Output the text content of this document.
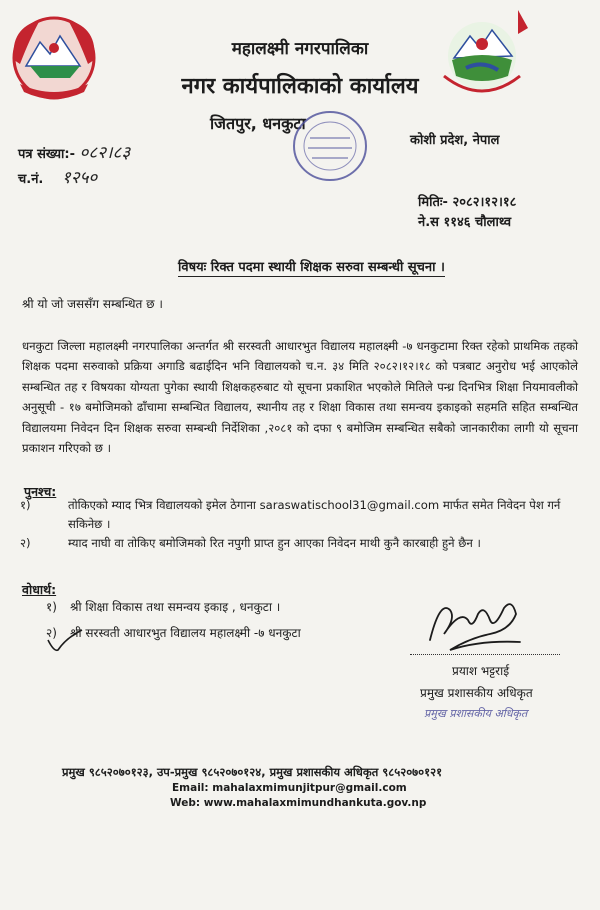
महालक्ष्मी नगरपालिका
नगर कार्यपालिकाको कार्यालय
जितपुर, धनकुटा
कोशी प्रदेश, नेपाल
पत्र संख्या:- ०८२।८३
च.नं. १२५०
मितिः- २०८२।१२।१८
ने.स ११४६ चौलाथ्व
विषयः रिक्त पदमा स्थायी शिक्षक सरुवा सम्बन्धी सूचना ।
श्री यो जो जससँग सम्बन्धित छ ।
धनकुटा जिल्ला महालक्ष्मी नगरपालिका अन्तर्गत श्री सरस्वती आधारभुत विद्यालय महालक्ष्मी -७ धनकुटामा रिक्त रहेको प्राथमिक तहको शिक्षक पदमा सरुवाको प्रक्रिया अगाडि बढाईदिन भनि विद्यालयको च.न. ३४ मिति २०८२।१२।१८ को पत्रबाट अनुरोध भई आएकोले सम्बन्धित तह र विषयका योग्यता पुगेका स्थायी शिक्षकहरुबाट यो सूचना प्रकाशित भएकोले मितिले पन्ध्र दिनभित्र शिक्षा नियमावलीको अनुसूची - १७ बमोजिमको ढाँचामा सम्बन्धित विद्यालय, स्थानीय तह र शिक्षा विकास तथा समन्वय इकाइको सहमति सहित सम्बन्धित विद्यालयमा निवेदन दिन शिक्षक सरुवा सम्बन्धी निर्देशिका ,२०८१ को दफा ९ बमोजिम सम्बन्धित सबैको जानकारीका लागी यो सूचना प्रकाशन गरिएको छ ।
पुनश्च:
१)	तोकिएको म्याद भित्र विद्यालयको इमेल ठेगाना saraswatischool31@gmail.com मार्फत समेत निवेदन पेश गर्न सकिनेछ ।
२)	म्याद नाघी वा तोकिए बमोजिमको रित नपुगी प्राप्त हुन आएका निवेदन माथी कुनै कारबाही हुने छैन ।
वोधार्थ:
१) श्री शिक्षा विकास तथा समन्वय इकाइ , धनकुटा ।
२) श्री सरस्वती आधारभुत विद्यालय महालक्ष्मी -७ धनकुटा
प्रयाश भट्टराई
प्रमुख प्रशासकीय अधिकृत
प्रमुख प्रशासकीय अधिकृत
प्रमुख ९८५२०७०१२३, उप-प्रमुख ९८५२०७०१२४, प्रमुख प्रशासकीय अधिकृत ९८५२०७०१२१
Email: mahalaxmimunjitpur@gmail.com
Web: www.mahalaxmimundhankuta.gov.np
